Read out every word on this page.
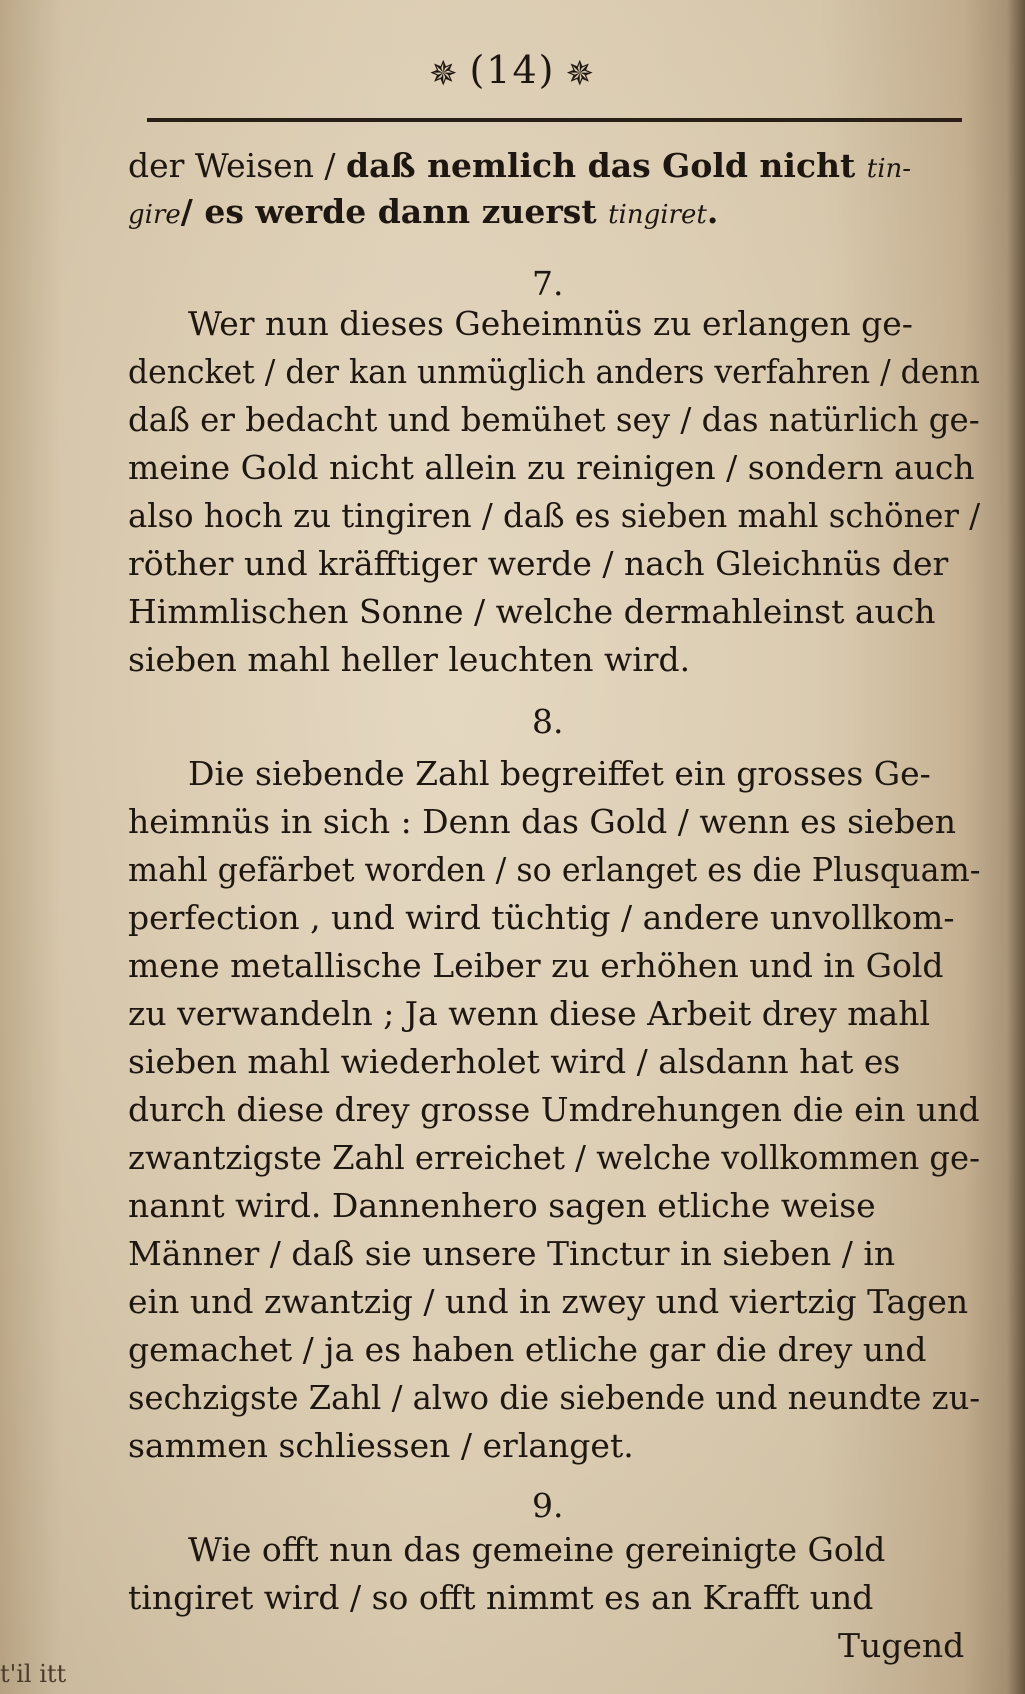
✵ (14) ✵
der Weisen / daß nemlich das Gold nicht tin-
gire/ es werde dann zuerst tingiret.
7.
Wer nun dieses Geheimnüs zu erlangen ge-
dencket / der kan unmüglich anders verfahren / denn
daß er bedacht und bemühet sey / das natürlich ge-
meine Gold nicht allein zu reinigen / sondern auch
also hoch zu tingiren / daß es sieben mahl schöner /
röther und kräfftiger werde / nach Gleichnüs der
Himmlischen Sonne / welche dermahleinst auch
sieben mahl heller leuchten wird.
8.
Die siebende Zahl begreiffet ein grosses Ge-
heimnüs in sich : Denn das Gold / wenn es sieben
mahl gefärbet worden / so erlanget es die Plusquam-
perfection , und wird tüchtig / andere unvollkom-
mene metallische Leiber zu erhöhen und in Gold
zu verwandeln ; Ja wenn diese Arbeit drey mahl
sieben mahl wiederholet wird / alsdann hat es
durch diese drey grosse Umdrehungen die ein und
zwantzigste Zahl erreichet / welche vollkommen ge-
nannt wird. Dannenhero sagen etliche weise
Männer / daß sie unsere Tinctur in sieben / in
ein und zwantzig / und in zwey und viertzig Tagen
gemachet / ja es haben etliche gar die drey und
sechzigste Zahl / alwo die siebende und neundte zu-
sammen schliessen / erlanget.
9.
Wie offt nun das gemeine gereinigte Gold
tingiret wird / so offt nimmt es an Krafft und
Tugend
t'il itt
